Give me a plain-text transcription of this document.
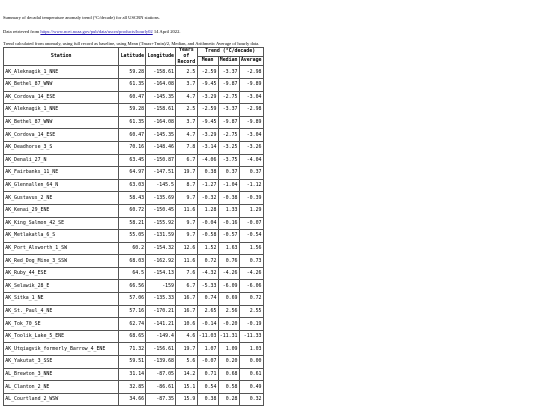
Summary of decadal temperature anomaly trend (°C/decade) for all USCRN stations.
Data retrieved from https://www.ncei.noaa.gov/pub/data/uscrn/products/hourly02 14 April 2022.
Trend calculated from anomaly, using full record as baseline, using Mean (Tmax+Tmin)/2, Median, and Arithmetic Average of hourly data.
Station	Latitude	Longitude	Years of Record	Trend (°C/decade)		
				Mean	Median	Average
AK_Aleknagik_1_NNE	59.28	-158.61	2.5	-2.59	-3.37	-2.98
AK_Bethel_87_WNW	61.35	-164.08	3.7	-9.45	-9.87	-9.89
AK_Cordova_14_ESE	60.47	-145.35	4.7	-3.29	-2.75	-3.04
AK_Aleknagik_1_NNE	59.28	-158.61	2.5	-2.59	-3.37	-2.98
AK_Bethel_87_WNW	61.35	-164.08	3.7	-9.45	-9.87	-9.89
AK_Cordova_14_ESE	60.47	-145.35	4.7	-3.29	-2.75	-3.04
AK_Deadhorse_3_S	70.16	-148.46	7.8	-3.14	-3.25	-3.26
AK_Denali_27_N	63.45	-150.87	6.7	-4.06	-3.75	-4.04
AK_Fairbanks_11_NE	64.97	-147.51	19.7	0.38	0.37	0.37
AK_Glennallen_64_N	63.03	-145.5	8.7	-1.27	-1.04	-1.12
AK_Gustavus_2_NE	58.43	-135.69	9.7	-0.32	-0.38	-0.39
AK_Kenai_29_ENE	60.72	-150.45	11.6	1.28	1.33	1.29
AK_King_Salmon_42_SE	58.21	-155.92	9.7	-0.04	-0.16	-0.07
AK_Metlakatla_6_S	55.05	-131.59	9.7	-0.58	-0.57	-0.54
AK_Port_Alsworth_1_SW	60.2	-154.32	12.6	1.52	1.63	1.56
AK_Red_Dog_Mine_3_SSW	68.03	-162.92	11.6	0.72	0.76	0.73
AK_Ruby_44_ESE	64.5	-154.13	7.6	-4.32	-4.26	-4.26
AK_Selawik_28_E	66.56	-159	6.7	-5.33	-6.09	-6.06
AK_Sitka_1_NE	57.06	-135.33	16.7	0.74	0.69	0.72
AK_St._Paul_4_NE	57.16	-170.21	16.7	2.65	2.56	2.55
AK_Tok_70_SE	62.74	-141.21	10.6	-0.14	-0.20	-0.19
AK_Toolik_Lake_5_ENE	68.65	-149.4	4.6	-11.03	-11.31	-11.33
AK_Utqiagvik_formerly_Barrow_4_ENE	71.32	-156.61	19.7	1.07	1.09	1.03
AK_Yakutat_3_SSE	59.51	-139.68	5.6	-0.07	0.20	0.00
AL_Brewton_3_NNE	31.14	-87.05	14.2	0.71	0.68	0.61
AL_Clanton_2_NE	32.85	-86.61	15.1	0.54	0.58	0.49
AL_Courtland_2_WSW	34.66	-87.35	15.9	0.38	0.28	0.32
